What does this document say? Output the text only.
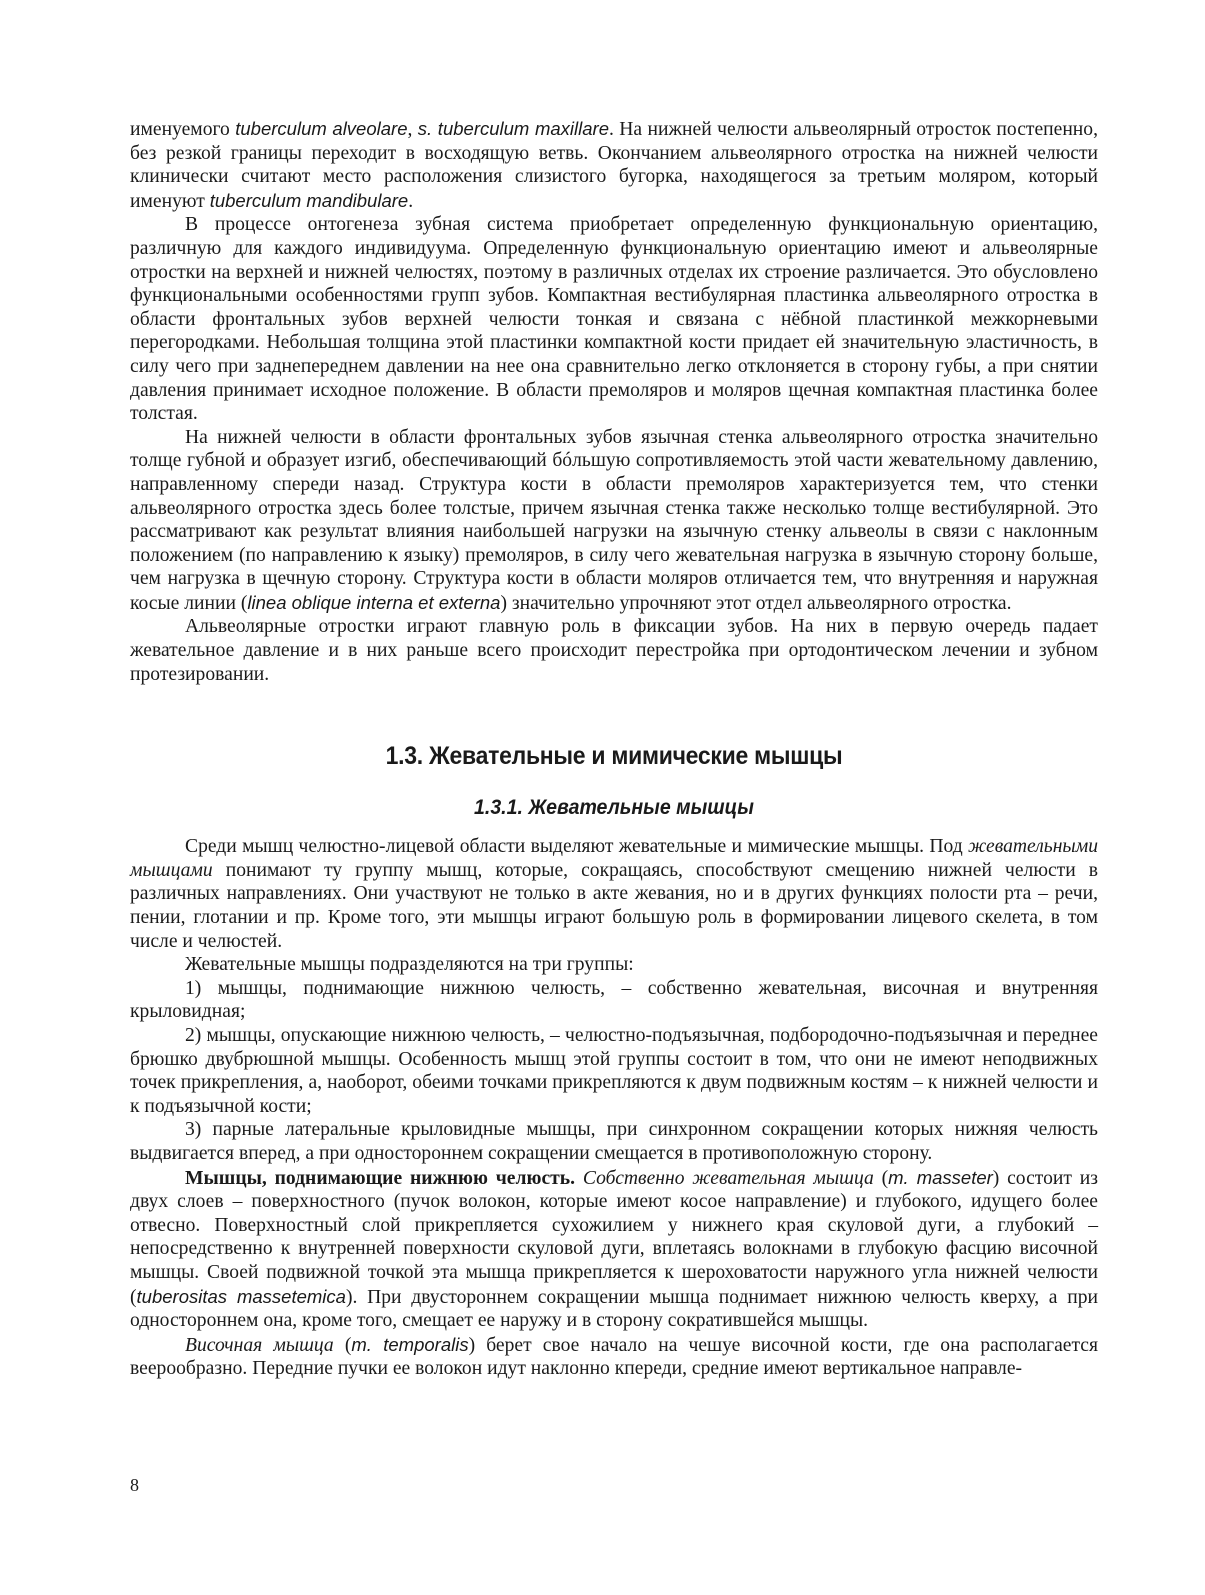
именуемого tuberculum alveolare, s. tuberculum maxillare. На нижней челюсти альвеолярный отросток постепенно, без резкой границы переходит в восходящую ветвь. Окончанием альвеолярного отростка на нижней челюсти клинически считают место расположения слизистого бугорка, находящегося за третьим моляром, который именуют tuberculum mandibulare.

В процессе онтогенеза зубная система приобретает определенную функциональную ориентацию, различную для каждого индивидуума. Определенную функциональную ориентацию имеют и альвеолярные отростки на верхней и нижней челюстях, поэтому в различных отделах их строение различается. Это обусловлено функциональными особенностями групп зубов. Компактная вестибулярная пластинка альвеолярного отростка в области фронтальных зубов верхней челюсти тонкая и связана с нёбной пластинкой межкорневыми перегородками. Небольшая толщина этой пластинки компактной кости придает ей значительную эластичность, в силу чего при заднепереднем давлении на нее она сравнительно легко отклоняется в сторону губы, а при снятии давления принимает исходное положение. В области премоляров и моляров щечная компактная пластинка более толстая.

На нижней челюсти в области фронтальных зубов язычная стенка альвеолярного отростка значительно толще губной и образует изгиб, обеспечивающий бóльшую сопротивляемость этой части жевательному давлению, направленному спереди назад. Структура кости в области премоляров характеризуется тем, что стенки альвеолярного отростка здесь более толстые, причем язычная стенка также несколько толще вестибулярной. Это рассматривают как результат влияния наибольшей нагрузки на язычную стенку альвеолы в связи с наклонным положением (по направлению к языку) премоляров, в силу чего жевательная нагрузка в язычную сторону больше, чем нагрузка в щечную сторону. Структура кости в области моляров отличается тем, что внутренняя и наружная косые линии (linea oblique interna et externa) значительно упрочняют этот отдел альвеолярного отростка.

Альвеолярные отростки играют главную роль в фиксации зубов. На них в первую очередь падает жевательное давление и в них раньше всего происходит перестройка при ортодонтическом лечении и зубном протезировании.

1.3. Жевательные и мимические мышцы
1.3.1. Жевательные мышцы

Среди мышц челюстно-лицевой области выделяют жевательные и мимические мышцы. Под жевательными мышцами понимают ту группу мышц, которые, сокращаясь, способствуют смещению нижней челюсти в различных направлениях. Они участвуют не только в акте жевания, но и в других функциях полости рта – речи, пении, глотании и пр. Кроме того, эти мышцы играют большую роль в формировании лицевого скелета, в том числе и челюстей.

Жевательные мышцы подразделяются на три группы:

1) мышцы, поднимающие нижнюю челюсть, – собственно жевательная, височная и внутренняя крыловидная;

2) мышцы, опускающие нижнюю челюсть, – челюстно-подъязычная, подбородочно-подъязычная и переднее брюшко двубрюшной мышцы. Особенность мышц этой группы состоит в том, что они не имеют неподвижных точек прикрепления, а, наоборот, обеими точками прикрепляются к двум подвижным костям – к нижней челюсти и к подъязычной кости;

3) парные латеральные крыловидные мышцы, при синхронном сокращении которых нижняя челюсть выдвигается вперед, а при одностороннем сокращении смещается в противоположную сторону.

Мышцы, поднимающие нижнюю челюсть. Собственно жевательная мышца (m. masseter) состоит из двух слоев – поверхностного (пучок волокон, которые имеют косое направление) и глубокого, идущего более отвесно. Поверхностный слой прикрепляется сухожилием у нижнего края скуловой дуги, а глубокий – непосредственно к внутренней поверхности скуловой дуги, вплетаясь волокнами в глубокую фасцию височной мышцы. Своей подвижной точкой эта мышца прикрепляется к шероховатости наружного угла нижней челюсти (tuberositas masseteтica). При двустороннем сокращении мышца поднимает нижнюю челюсть кверху, а при одностороннем она, кроме того, смещает ее наружу и в сторону сократившейся мышцы.

Височная мышца (m. temporalis) берет свое начало на чешуе височной кости, где она располагается веерообразно. Передние пучки ее волокон идут наклонно кпереди, средние имеют вертикальное направле-

8
